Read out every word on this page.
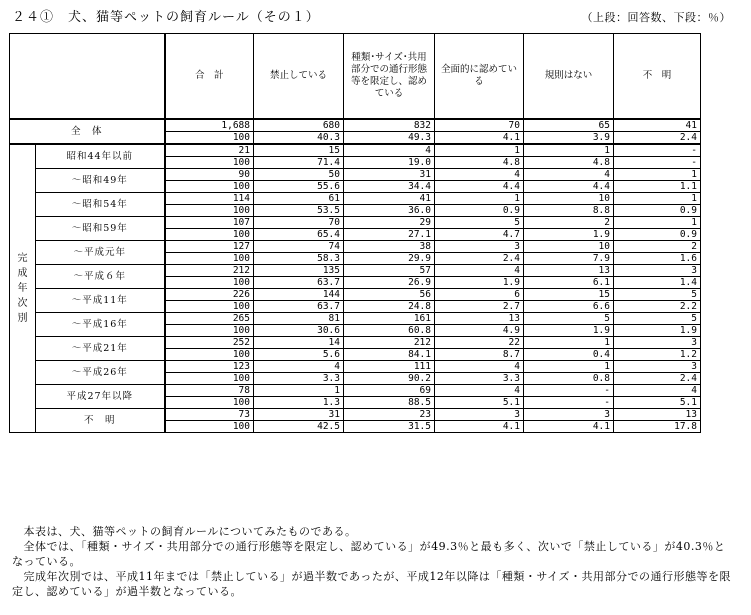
２４①　犬、猫等ペットの飼育ルール（その１）	（上段：回答数、下段：％）
		合　計	禁止している	種類･サイズ･共用部分での通行形態等を限定し、認めている	全面的に認めている	規則はない	不　明
全　体		1,688	680	832	70	65	41
		100	40.3	49.3	4.1	3.9	2.4

完
成
年
次
別	昭和44年以前	21	15	4	1	1	-
		100	71.4	19.0	4.8	4.8	-
	～昭和49年	90	50	31	4	4	1
		100	55.6	34.4	4.4	4.4	1.1
	～昭和54年	114	61	41	1	10	1
		100	53.5	36.0	0.9	8.8	0.9
	～昭和59年	107	70	29	5	2	1
		100	65.4	27.1	4.7	1.9	0.9
	～平成元年	127	74	38	3	10	2
		100	58.3	29.9	2.4	7.9	1.6
	～平成６年	212	135	57	4	13	3
		100	63.7	26.9	1.9	6.1	1.4
	～平成11年	226	144	56	6	15	5
		100	63.7	24.8	2.7	6.6	2.2
	～平成16年	265	81	161	13	5	5
		100	30.6	60.8	4.9	1.9	1.9
	～平成21年	252	14	212	22	1	3
		100	5.6	84.1	8.7	0.4	1.2
	～平成26年	123	4	111	4	1	3
		100	3.3	90.2	3.3	0.8	2.4
	平成27年以降	78	1	69	4	-	4
		100	1.3	88.5	5.1	-	5.1
	不　明	73	31	23	3	3	13
		100	42.5	31.5	4.1	4.1	17.8

　本表は、犬、猫等ペットの飼育ルールについてみたものである。

　全体では、「種類・サイズ・共用部分での通行形態等を限定し、認めている」が49.3％と最も多く、次いで「禁止している」が40.3％となっている。

　完成年次別では、平成11年までは「禁止している」が過半数であったが、平成12年以降は「種類・サイズ・共用部分での通行形態等を限定し、認めている」が過半数となっている。
